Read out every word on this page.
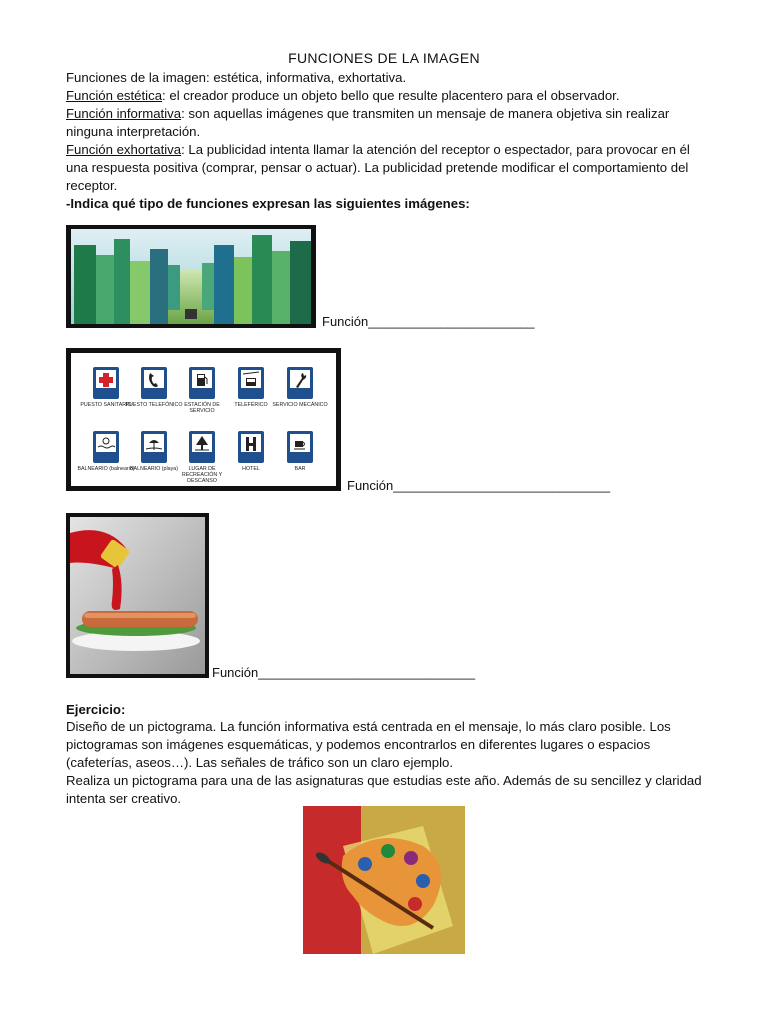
FUNCIONES DE LA IMAGEN
Funciones de la imagen: estética, informativa, exhortativa.
Función estética: el creador produce un objeto bello que resulte placentero para el observador.
Función informativa: son aquellas imágenes que transmiten un mensaje de manera objetiva sin realizar ninguna interpretación.
Función exhortativa: La publicidad intenta llamar la atención del receptor o espectador, para provocar en él una respuesta positiva (comprar, pensar o actuar). La publicidad pretende modificar el comportamiento del receptor.
-Indica qué tipo de funciones expresan las siguientes imágenes:
Función_______________________
PUESTO SANITARIO
PUESTO TELEFÓNICO ESTACIÓN DE SERVICIO
TELEFÉRICO SERVICIO MECÁNICO
BALNEARIO (balneario)
BALNEARIO (playa)	LUGAR DE RECREACIÓN Y DESCANSO
HOTEL	BAR
Función______________________________
Función______________________________
Ejercicio:
Diseño de un pictograma. La función informativa está centrada en el mensaje, lo más claro posible. Los pictogramas son imágenes esquemáticas, y podemos encontrarlos en diferentes lugares o espacios (cafeterías, aseos…). Las señales de tráfico son un claro ejemplo.
Realiza un pictograma para una de las asignaturas que estudias este año. Además de su sencillez y claridad intenta ser creativo.
